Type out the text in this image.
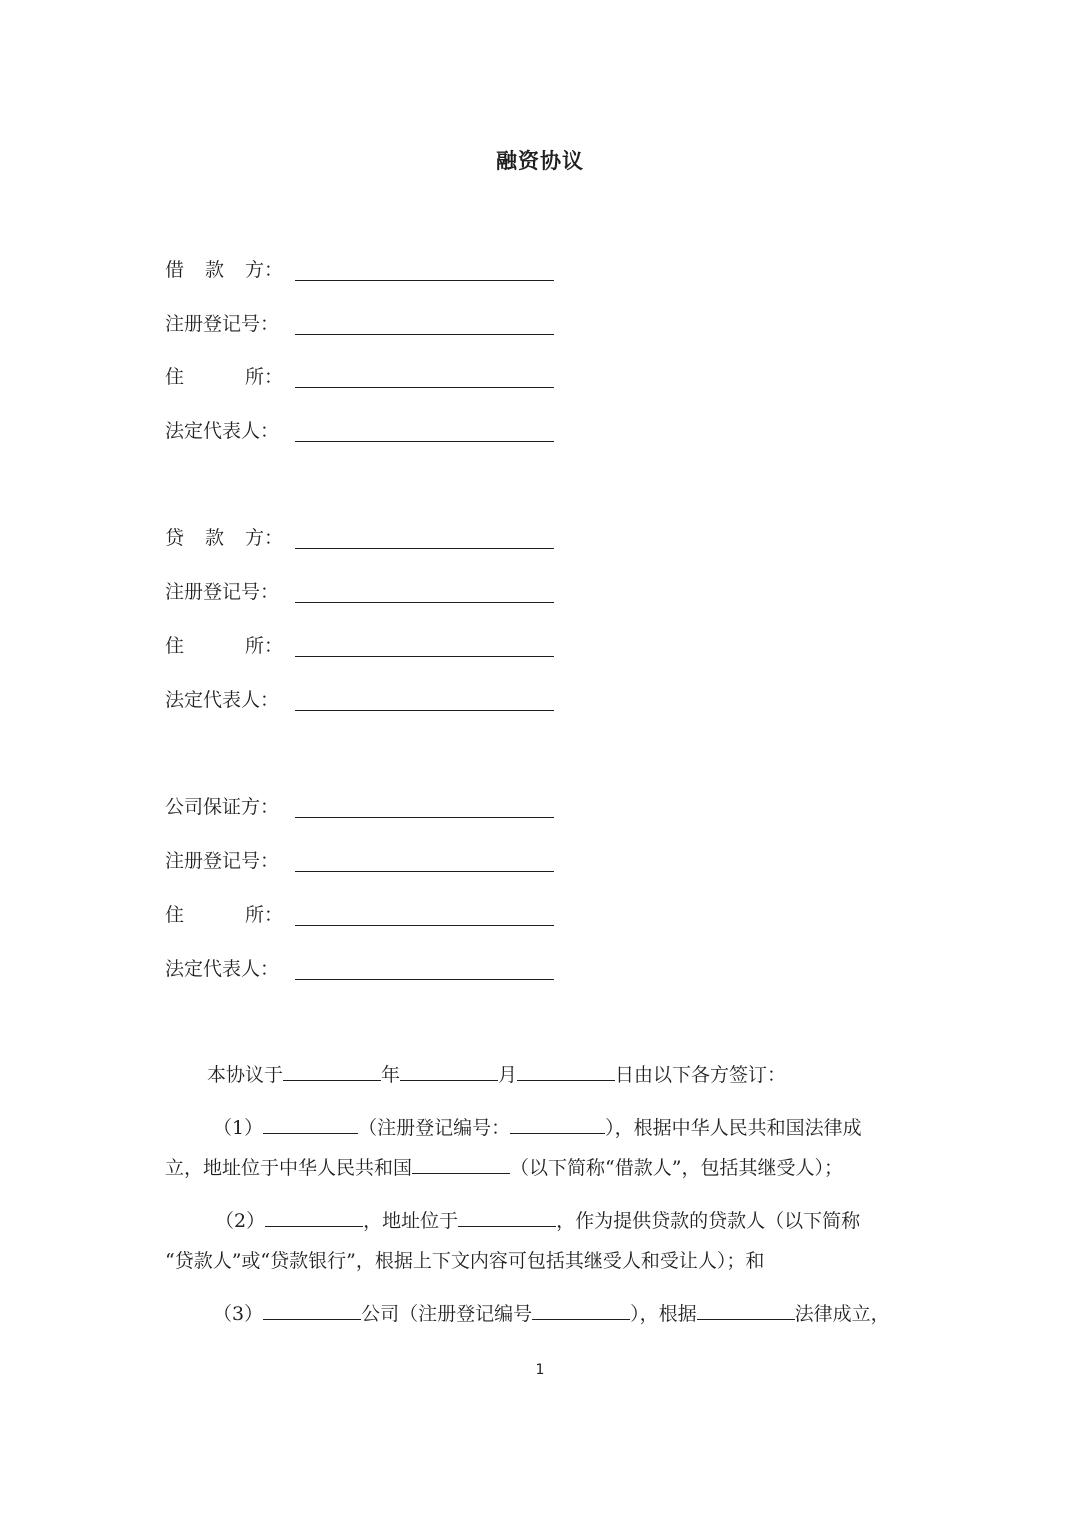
融资协议
借 款 方：
注册登记号：
住	所：
法定代表人：
贷 款 方：
注册登记号：
住	所：
法定代表人：
公司保证方：
注册登记号：
住	所：
法定代表人：
本协议于	年	月	日由以下各方签订：
（1）	（注册登记编号：	），根据中华人民共和国法律成
立，地址位于中华人民共和国	（以下简称“借款人”，包括其继受人）；
（2）	，地址位于	，作为提供贷款的贷款人（以下简称
“贷款人”或“贷款银行”，根据上下文内容可包括其继受人和受让人）；和
（3）	公司（注册登记编号	），根据	法律成立，
1
